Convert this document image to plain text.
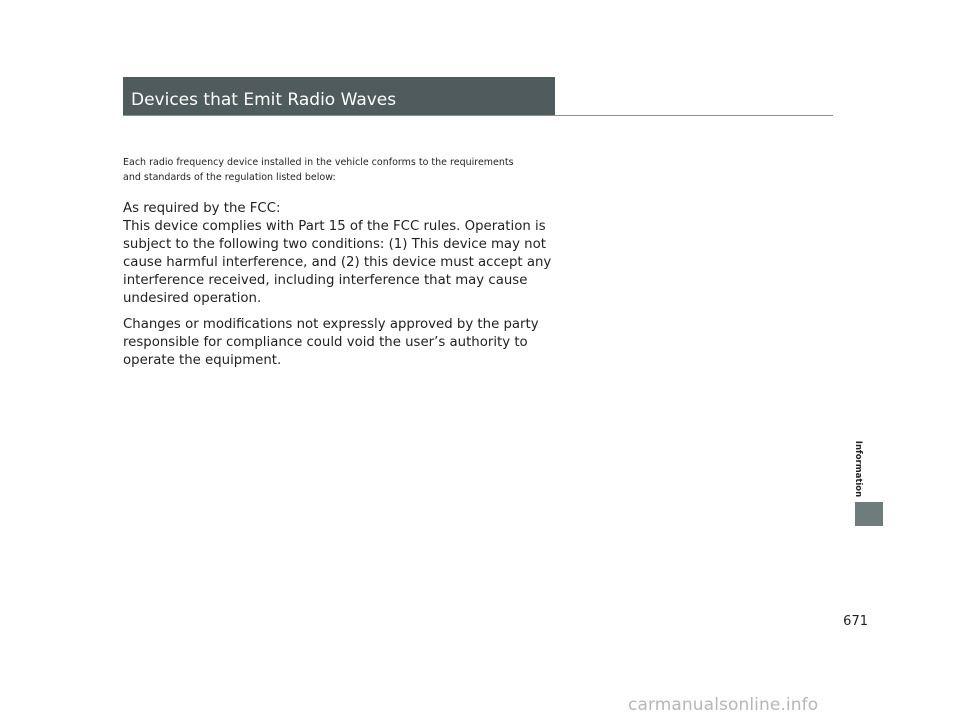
Devices that Emit Radio Waves
Each radio frequency device installed in the vehicle conforms to the requirements
and standards of the regulation listed below:
As required by the FCC:
This device complies with Part 15 of the FCC rules. Operation is
subject to the following two conditions: (1) This device may not
cause harmful interference, and (2) this device must accept any
interference received, including interference that may cause
undesired operation.
Changes or modifications not expressly approved by the party
responsible for compliance could void the user’s authority to
operate the equipment.
Information
671
carmanualsonline.info
